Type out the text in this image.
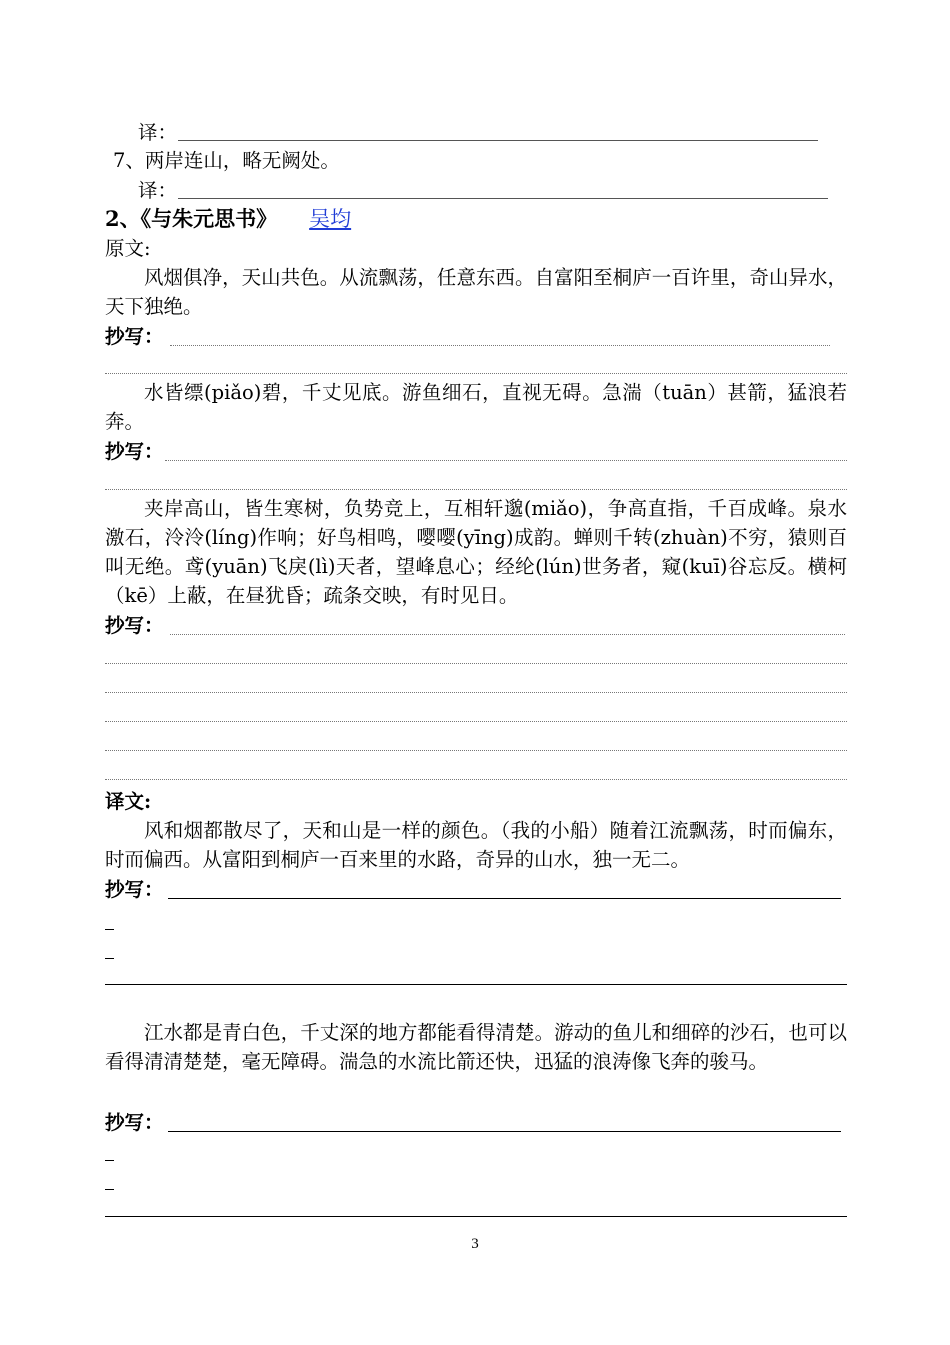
译：
7、两岸连山，略无阙处。
译：
2、《与朱元思书》 吴均
原文:
风烟俱净，天山共色。从流飘荡，任意东西。自富阳至桐庐一百许里，奇山异水，天下独绝。
抄写：
水皆缥(piǎo)碧，千丈见底。游鱼细石，直视无碍。急湍（tuān）甚箭，猛浪若奔。
抄写：
夹岸高山，皆生寒树，负势竞上，互相轩邈(miǎo)，争高直指，千百成峰。泉水激石，泠泠(líng)作响；好鸟相鸣，嘤嘤(yīng)成韵。蝉则千转(zhuàn)不穷，猿则百叫无绝。鸢(yuān)飞戾(lì)天者，望峰息心；经纶(lún)世务者，窥(kuī)谷忘反。横柯（kē）上蔽，在昼犹昏；疏条交映，有时见日。
抄写：
译文:
风和烟都散尽了，天和山是一样的颜色。（我的小船）随着江流飘荡，时而偏东，时而偏西。从富阳到桐庐一百来里的水路，奇异的山水，独一无二。
抄写：
江水都是青白色，千丈深的地方都能看得清楚。游动的鱼儿和细碎的沙石，也可以看得清清楚楚，毫无障碍。湍急的水流比箭还快，迅猛的浪涛像飞奔的骏马。
抄写：
3
